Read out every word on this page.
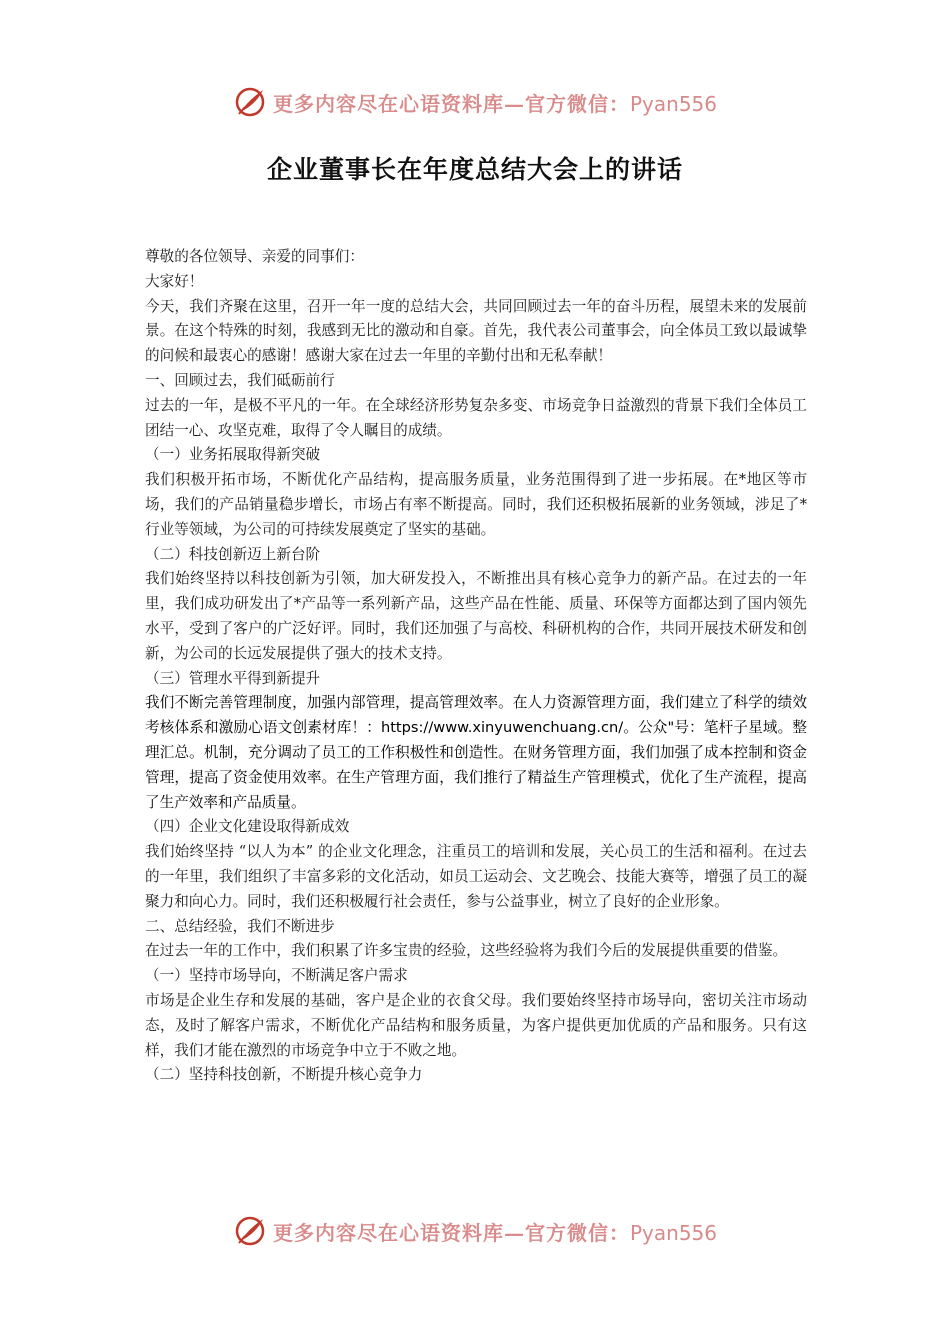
更多内容尽在心语资料库—官方微信：Pyan556
企业董事长在年度总结大会上的讲话

尊敬的各位领导、亲爱的同事们：

大家好！

今天，我们齐聚在这里，召开一年一度的总结大会，共同回顾过去一年的奋斗历程，展望未来的发展前景。在这个特殊的时刻，我感到无比的激动和自豪。首先，我代表公司董事会，向全体员工致以最诚挚的问候和最衷心的感谢！感谢大家在过去一年里的辛勤付出和无私奉献！

一、回顾过去，我们砥砺前行

过去的一年，是极不平凡的一年。在全球经济形势复杂多变、市场竞争日益激烈的背景下我们全体员工团结一心、攻坚克难，取得了令人瞩目的成绩。

（一）业务拓展取得新突破

我们积极开拓市场，不断优化产品结构，提高服务质量，业务范围得到了进一步拓展。在*地区等市场，我们的产品销量稳步增长，市场占有率不断提高。同时，我们还积极拓展新的业务领域，涉足了*行业等领域，为公司的可持续发展奠定了坚实的基础。

（二）科技创新迈上新台阶

我们始终坚持以科技创新为引领，加大研发投入，不断推出具有核心竞争力的新产品。在过去的一年里，我们成功研发出了*产品等一系列新产品，这些产品在性能、质量、环保等方面都达到了国内领先水平，受到了客户的广泛好评。同时，我们还加强了与高校、科研机构的合作，共同开展技术研发和创新，为公司的长远发展提供了强大的技术支持。

（三）管理水平得到新提升

我们不断完善管理制度，加强内部管理，提高管理效率。在人力资源管理方面，我们建立了科学的绩效考核体系和激励心语文创素材库！：https://www.xinyuwenchuang.cn/。公众"号：笔杆子星域。整理汇总。机制，充分调动了员工的工作积极性和创造性。在财务管理方面，我们加强了成本控制和资金管理，提高了资金使用效率。在生产管理方面，我们推行了精益生产管理模式，优化了生产流程，提高了生产效率和产品质量。

（四）企业文化建设取得新成效

我们始终坚持 “以人为本” 的企业文化理念，注重员工的培训和发展，关心员工的生活和福利。在过去的一年里，我们组织了丰富多彩的文化活动，如员工运动会、文艺晚会、技能大赛等，增强了员工的凝聚力和向心力。同时，我们还积极履行社会责任，参与公益事业，树立了良好的企业形象。

二、总结经验，我们不断进步

在过去一年的工作中，我们积累了许多宝贵的经验，这些经验将为我们今后的发展提供重要的借鉴。

（一）坚持市场导向，不断满足客户需求

市场是企业生存和发展的基础，客户是企业的衣食父母。我们要始终坚持市场导向，密切关注市场动态，及时了解客户需求，不断优化产品结构和服务质量，为客户提供更加优质的产品和服务。只有这样，我们才能在激烈的市场竞争中立于不败之地。

（二）坚持科技创新，不断提升核心竞争力

更多内容尽在心语资料库—官方微信：Pyan556
